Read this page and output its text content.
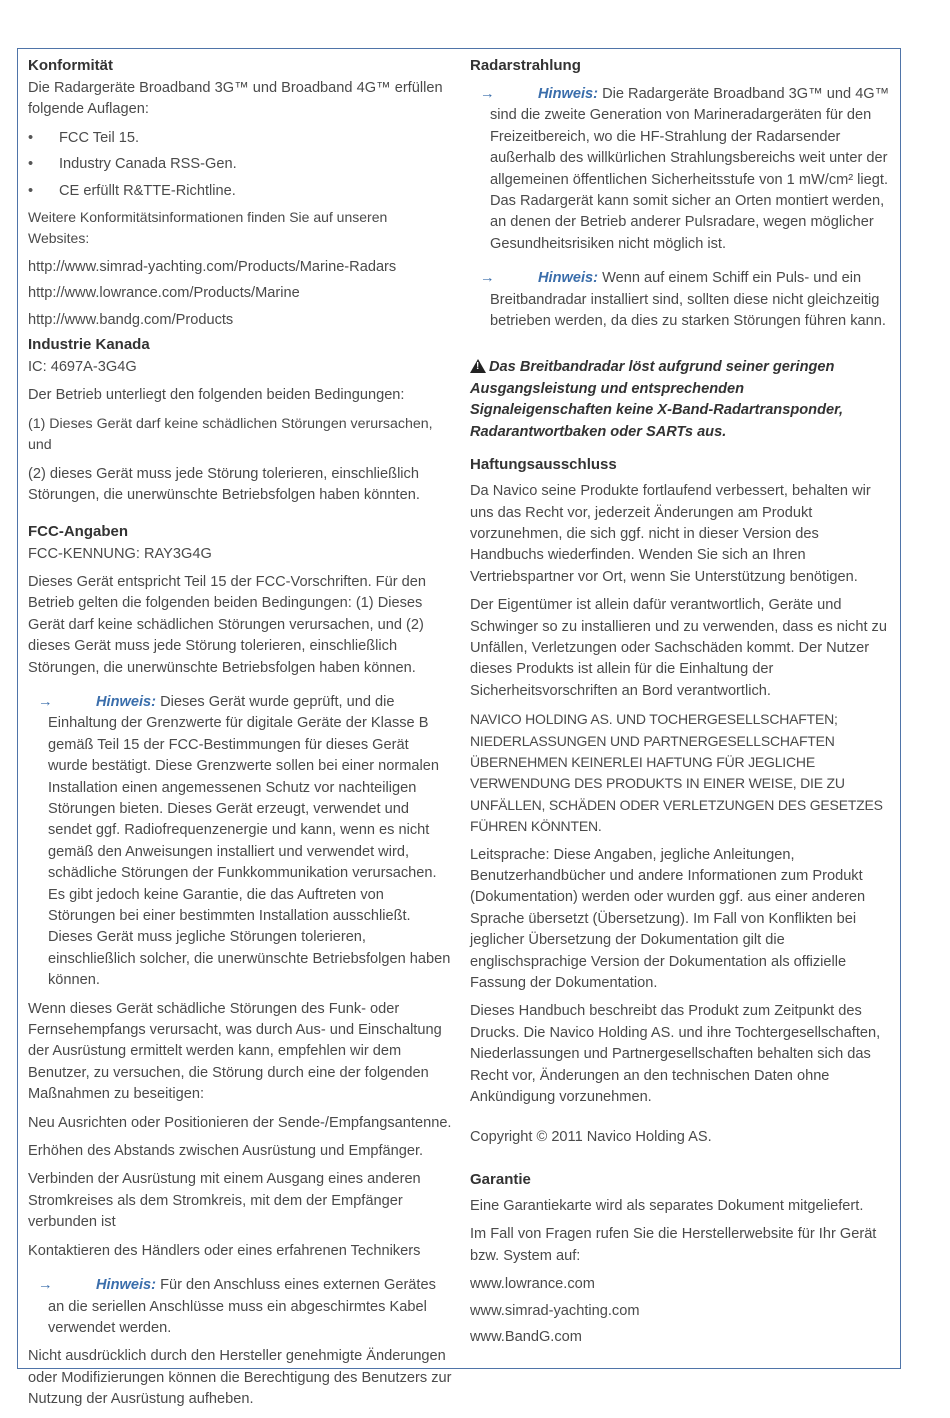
Konformität

Die Radargeräte Broadband 3G™ und Broadband 4G™ erfüllen folgende Auflagen:

• FCC Teil 15.
• Industry Canada RSS-Gen.
• CE erfüllt R&TTE-Richtline.

Weitere Konformitätsinformationen finden Sie auf unseren Websites:

http://www.simrad-yachting.com/Products/Marine-Radars

http://www.lowrance.com/Products/Marine

http://www.bandg.com/Products

Industrie Kanada

IC: 4697A-3G4G

Der Betrieb unterliegt den folgenden beiden Bedingungen:

(1) Dieses Gerät darf keine schädlichen Störungen verursachen, und

(2) dieses Gerät muss jede Störung tolerieren, einschließlich Störungen, die unerwünschte Betriebsfolgen haben könnten.

FCC-Angaben

FCC-KENNUNG: RAY3G4G

Dieses Gerät entspricht Teil 15 der FCC-Vorschriften. Für den Betrieb gelten die folgenden beiden Bedingungen: (1) Dieses Gerät darf keine schädlichen Störungen verursachen, und (2) dieses Gerät muss jede Störung tolerieren, einschließlich Störungen, die unerwünschte Betriebsfolgen haben können.

→	Hinweis: Dieses Gerät wurde geprüft, und die Einhaltung der Grenzwerte für digitale Geräte der Klasse B gemäß Teil 15 der FCC-Bestimmungen für dieses Gerät wurde bestätigt. Diese Grenzwerte sollen bei einer normalen Installation einen angemessenen Schutz vor nachteiligen Störungen bieten. Dieses Gerät erzeugt, verwendet und sendet ggf. Radiofrequenzenergie und kann, wenn es nicht gemäß den Anweisungen installiert und verwendet wird, schädliche Störungen der Funkkommunikation verursachen. Es gibt jedoch keine Garantie, die das Auftreten von Störungen bei einer bestimmten Installation ausschließt. Dieses Gerät muss jegliche Störungen tolerieren, einschließlich solcher, die unerwünschte Betriebsfolgen haben können.

Wenn dieses Gerät schädliche Störungen des Funk- oder Fernsehempfangs verursacht, was durch Aus- und Einschaltung der Ausrüstung ermittelt werden kann, empfehlen wir dem Benutzer, zu versuchen, die Störung durch eine der folgenden Maßnahmen zu beseitigen:

Neu Ausrichten oder Positionieren der Sende-/Empfangsantenne.

Erhöhen des Abstands zwischen Ausrüstung und Empfänger.

Verbinden der Ausrüstung mit einem Ausgang eines anderen Stromkreises als dem Stromkreis, mit dem der Empfänger verbunden ist

Kontaktieren des Händlers oder eines erfahrenen Technikers

→	Hinweis: Für den Anschluss eines externen Gerätes an die seriellen Anschlüsse muss ein abgeschirmtes Kabel verwendet werden.

Nicht ausdrücklich durch den Hersteller genehmigte Änderungen oder Modifizierungen können die Berechtigung des Benutzers zur Nutzung der Ausrüstung aufheben.

Radarstrahlung

→	Hinweis: Die Radargeräte Broadband 3G™ und 4G™ sind die zweite Generation von Marineradargeräten für den Freizeitbereich, wo die HF-Strahlung der Radarsender außerhalb des willkürlichen Strahlungsbereichs weit unter der allgemeinen öffentlichen Sicherheitsstufe von 1 mW/cm² liegt. Das Radargerät kann somit sicher an Orten montiert werden, an denen der Betrieb anderer Pulsradare, wegen möglicher Gesundheitsrisiken nicht möglich ist.

→	Hinweis: Wenn auf einem Schiff ein Puls- und ein Breitbandradar installiert sind, sollten diese nicht gleichzeitig betrieben werden, da dies zu starken Störungen führen kann.

!Das Breitbandradar löst aufgrund seiner geringen Ausgangsleistung und entsprechenden Signaleigenschaften keine X-Band-Radartransponder, Radarantwortbaken oder SARTs aus.

Haftungsausschluss

Da Navico seine Produkte fortlaufend verbessert, behalten wir uns das Recht vor, jederzeit Änderungen am Produkt vorzunehmen, die sich ggf. nicht in dieser Version des Handbuchs wiederfinden. Wenden Sie sich an Ihren Vertriebspartner vor Ort, wenn Sie Unterstützung benötigen.

Der Eigentümer ist allein dafür verantwortlich, Geräte und Schwinger so zu installieren und zu verwenden, dass es nicht zu Unfällen, Verletzungen oder Sachschäden kommt. Der Nutzer dieses Produkts ist allein für die Einhaltung der Sicherheitsvorschriften an Bord verantwortlich.

NAVICO HOLDING AS. UND TOCHERGESELLSCHAFTEN; NIEDERLASSUNGEN UND PARTNERGESELLSCHAFTEN ÜBERNEHMEN KEINERLEI HAFTUNG FÜR JEGLICHE VERWENDUNG DES PRODUKTS IN EINER WEISE, DIE ZU UNFÄLLEN, SCHÄDEN ODER VERLETZUNGEN DES GESETZES FÜHREN KÖNNTEN.

Leitsprache: Diese Angaben, jegliche Anleitungen, Benutzerhandbücher und andere Informationen zum Produkt (Dokumentation) werden oder wurden ggf. aus einer anderen Sprache übersetzt (Übersetzung). Im Fall von Konflikten bei jeglicher Übersetzung der Dokumentation gilt die englischsprachige Version der Dokumentation als offizielle Fassung der Dokumentation.

Dieses Handbuch beschreibt das Produkt zum Zeitpunkt des Drucks. Die Navico Holding AS. und ihre Tochtergesellschaften, Niederlassungen und Partnergesellschaften behalten sich das Recht vor, Änderungen an den technischen Daten ohne Ankündigung vorzunehmen.

Copyright © 2011 Navico Holding AS.

Garantie

Eine Garantiekarte wird als separates Dokument mitgeliefert.

Im Fall von Fragen rufen Sie die Herstellerwebsite für Ihr Gerät bzw. System auf:

www.lowrance.com

www.simrad-yachting.com

www.BandG.com
